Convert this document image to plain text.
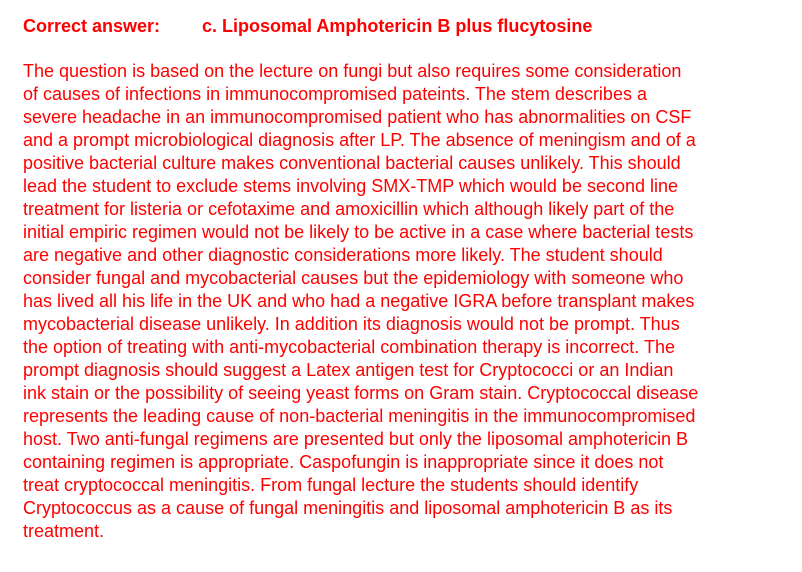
Correct answer: c. Liposomal Amphotericin B plus flucytosine

The question is based on the lecture on fungi but also requires some consideration
of causes of infections in immunocompromised pateints. The stem describes a
severe headache in an immunocompromised patient who has abnormalities on CSF
and a prompt microbiological diagnosis after LP. The absence of meningism and of a
positive bacterial culture makes conventional bacterial causes unlikely. This should
lead the student to exclude stems involving SMX-TMP which would be second line
treatment for listeria or cefotaxime and amoxicillin which although likely part of the
initial empiric regimen would not be likely to be active in a case where bacterial tests
are negative and other diagnostic considerations more likely. The student should
consider fungal and mycobacterial causes but the epidemiology with someone who
has lived all his life in the UK and who had a negative IGRA before transplant makes
mycobacterial disease unlikely. In addition its diagnosis would not be prompt. Thus
the option of treating with anti-mycobacterial combination therapy is incorrect. The
prompt diagnosis should suggest a Latex antigen test for Cryptococci or an Indian
ink stain or the possibility of seeing yeast forms on Gram stain. Cryptococcal disease
represents the leading cause of non-bacterial meningitis in the immunocompromised
host. Two anti-fungal regimens are presented but only the liposomal amphotericin B
containing regimen is appropriate. Caspofungin is inappropriate since it does not
treat cryptococcal meningitis. From fungal lecture the students should identify
Cryptococcus as a cause of fungal meningitis and liposomal amphotericin B as its
treatment.
